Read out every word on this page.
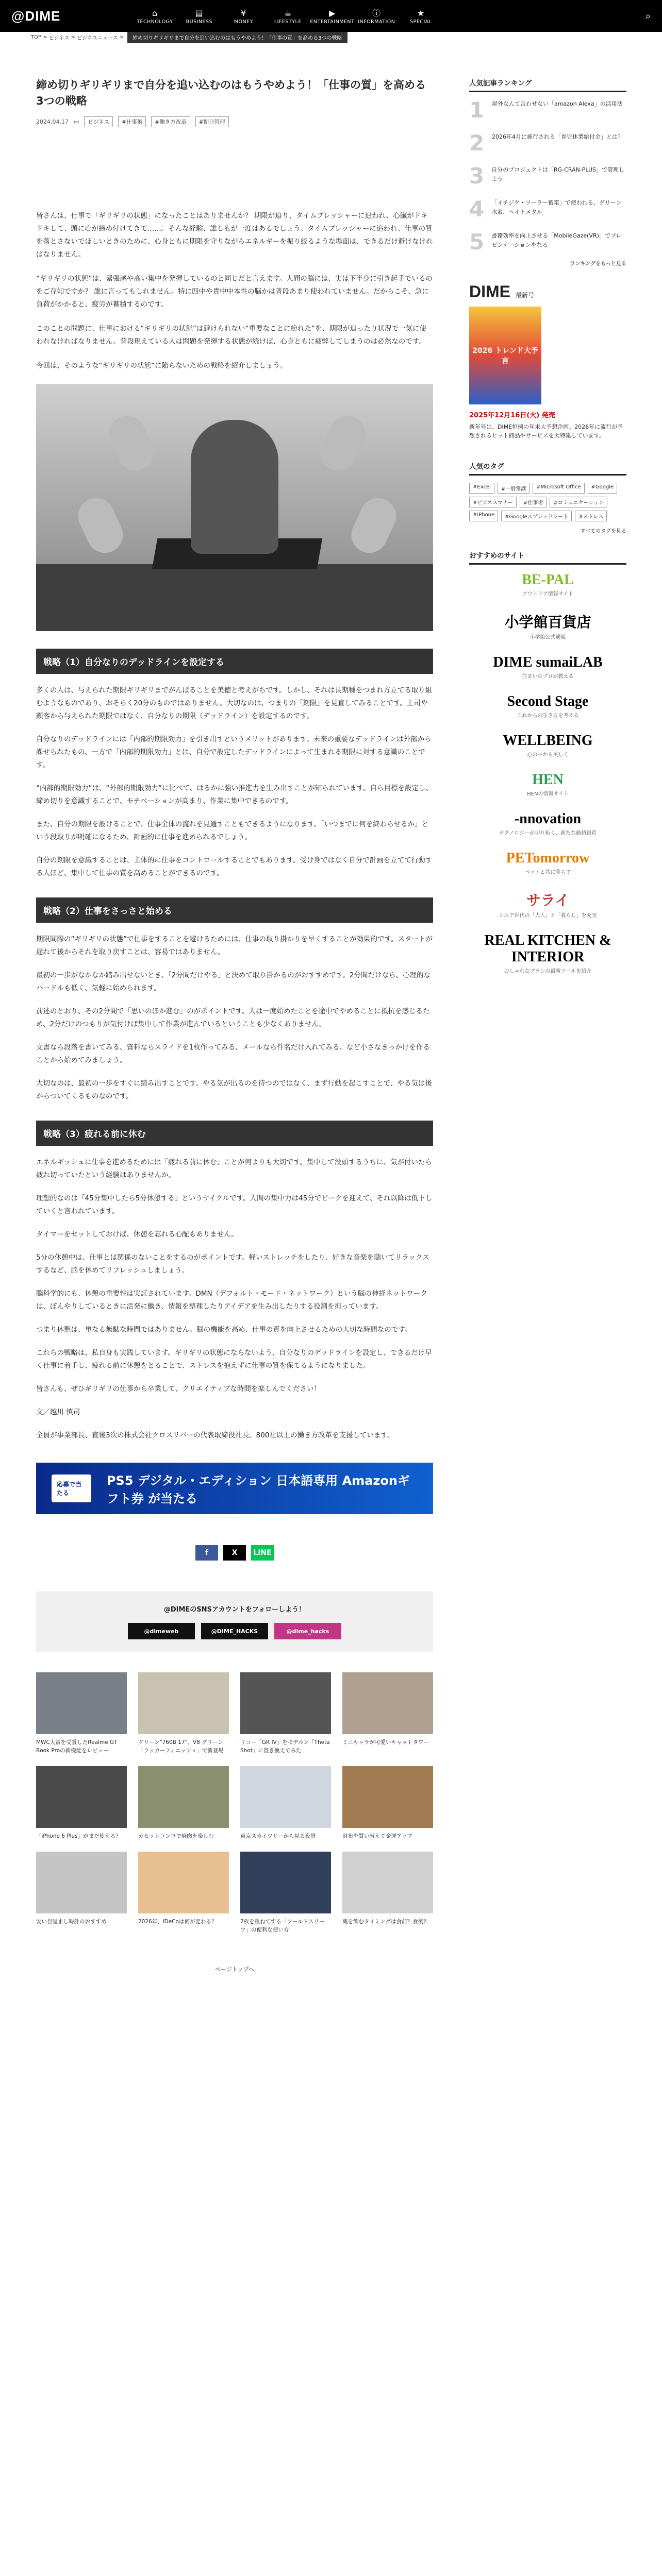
@DIME	⌂
TECHNOLOGY
▤
BUSINESS
¥
MONEY
☕
LIFESTYLE
▶
ENTERTAINMENT
ⓘ
INFORMATION
★
SPECIAL
⌕
TOP > ビジネス > ビジネスニュース >	締め切りギリギリまで自分を追い込むのはもうやめよう！「仕事の質」を高める3つの戦略
締め切りギリギリまで自分を追い込むのはもうやめよう！「仕事の質」を高める3つの戦略
2024.04.17 ▭	ビジネス	#仕事術	#働き方改革	#期日管理

皆さんは、仕事で「ギリギリの状態」になったことはありませんか？ 期限が迫り、タイムプレッシャーに追われ、心臓がドキドキして、頭に心が締め付けてきて……。そんな経験、誰しもが一度はあるでしょう。タイムプレッシャーに追われ、仕事の質を落とさないでほしいときのために、心身ともに期限を守りながらエネルギーを振り絞るような場面は、できるだけ避けなければなりません。

“ギリギリの状態”は、緊張感や高い集中を発揮しているのと同じだと言えます。人間の脳には、実は下半身に引き起手でいるのをご存知ですか？ 誰に言ってもしれません。特に四中や貴中中本性の脳かは普段あまり使われていません。だからこそ、急に負荷がかかると、疲労が蓄積するのです。

このことの問題に、仕事における“ギリギリの状態”は避けられない“重要なことに紛れた”を、期限が迫ったり状況で一気に使われなければなりません。普段現えている人は問題を発揮する状態が続けば、心身ともに疲弊してしまうのは必然なのです。

今回は、そのような“ギリギリの状態”に陥らないための戦略を紹介しましょう。

戦略（1）自分なりのデッドラインを設定する

多くの人は、与えられた期限ギリギリまでがんばることを美徳と考えがちです。しかし、それは長期種をつまれ方立てる取り組むようなものであり、おそらく20分のものではありません。大切なのは、つまりの「期限」を見直してみることです。上司や顧客から与えられた期限ではなく、自分なりの期限（デッドライン）を設定するのです。

自分なりのデッドラインには「内部的期限効力」を引き出すというメリットがあります。未来の重要なデッドラインは外部から課せられたもの、一方で「内部的期限効力」とは、自分で設定したデッドラインによって生まれる期限に対する意識のことです。

“内部的期限効力”は、“外部的期限効力”に比べて、はるかに強い推進力を生み出すことが知られています。自ら目標を設定し、締め切りを意識することで、モチベーションが高まり、作業に集中できるのです。

また、自分の期限を設けることで、仕事全体の流れを見通すこともできるようになります。「いつまでに何を終わらせるか」という段取りが明確になるため、計画的に仕事を進められるでしょう。

自分の期限を意識することは、主体的に仕事をコントロールすることでもあります。受け身ではなく自分で計画を立てて行動する人ほど、集中して仕事の質を高めることができるのです。

戦略（2）仕事をさっさと始める

期限間際の“ギリギリの状態”で仕事をすることを避けるためには、仕事の取り掛かりを早くすることが効果的です。スタートが遅れて後からそれを取り戻すことは、容易ではありません。

最初の一歩がなかなか踏み出せないとき、「2分間だけやる」と決めて取り掛かるのがおすすめです。2分間だけなら、心理的なハードルも低く、気軽に始められます。

前述のとおり、その2分間で「思いのほか進む」のがポイントです。人は一度始めたことを途中でやめることに抵抗を感じるため、2分だけのつもりが気付けば集中して作業が進んでいるということも少なくありません。

文書なら段落を書いてみる、資料ならスライドを1枚作ってみる、メールなら件名だけ入れてみる、など小さなきっかけを作ることから始めてみましょう。

大切なのは、最初の一歩をすぐに踏み出すことです。やる気が出るのを待つのではなく、まず行動を起こすことで、やる気は後からついてくるものなのです。

戦略（3）疲れる前に休む

エネルギッシュに仕事を進めるためには「疲れる前に休む」ことが何よりも大切です。集中して没頭するうちに、気が付いたら疲れ切っていたという経験はありませんか。

理想的なのは「45分集中したら5分休憩する」というサイクルです。人間の集中力は45分でピークを迎えて、それ以降は低下していくと言われています。

タイマーをセットしておけば、休憩を忘れる心配もありません。

5分の休憩中は、仕事とは関係のないことをするのがポイントです。軽いストレッチをしたり、好きな音楽を聴いてリラックスするなど、脳を休めてリフレッシュしましょう。

脳科学的にも、休憩の重要性は実証されています。DMN（デフォルト・モード・ネットワーク）という脳の神経ネットワークは、ぼんやりしているときに活発に働き、情報を整理したりアイデアを生み出したりする役割を担っています。

つまり休憩は、単なる無駄な時間ではありません。脳の機能を高め、仕事の質を向上させるための大切な時間なのです。

これらの戦略は、私自身も実践しています。ギリギリの状態にならないよう、自分なりのデッドラインを設定し、できるだけ早く仕事に着手し、疲れる前に休憩をとることで、ストレスを抱えずに仕事の質を保てるようになりました。

皆さんも、ぜひギリギリの仕事から卒業して、クリエイティブな時間を楽しんでください！

文／越川 慎司

全員が事業部長、直後3次の株式会社クロスリバーの代表取締役社長。800社以上の働き方改革を支援しています。

応募で当たる
PS5 デジタル・エディション 日本語専用 Amazonギフト券 が当たる
f	X	LINE
@DIMEのSNSアカウントをフォローしよう！
@dimeweb	@DIME_HACKS	@dime_hacks
MWC大賞を受賞したRealme GT Book Proの新機能をレビュー
グリーン"760B 17"、V8 グリーン「ラッカーフィニッシュ」で新登場
リコー「GR IV」をモデルン「Theta Shot」に置き換えてみた
ミニキャラが可愛いキャットタワー
「iPhone 6 Plus」がまだ使える？	カセットコンロで焼肉を楽しむ	東京スカイツリーから見る夜景	財布を買い替えて金運アップ
安い目覚まし時計のおすすめ	2026年、iDeCoは何が変わる？	2枚を重ねてする「フールドスリーフ」の便利な使い方
薬を飲むタイミングは食前？食後？
ページトップへ
人気記事ランキング
1 屋外なんて言わせない「amazon Alexa」の活用法
2 2026年4月に施行される「育児休業給付金」とは？
3 自分のプロジェクトは「RG-CRAN-PLUS」で管理しよう
4 「イチジク・ソーラー蓄電」で使われる、グリーン水素、ヘイトメタル
5 書籍効率を向上させる「MobileGaze(VR)」でプレゼンテーションをなる
ランキングをもっと見る
DIME 最新号
2026 トレンド大予言
2025年12月16日(火) 発売
新年号は、DIME恒例の年末大予想企画。2026年に流行が予想されるヒット商品やサービスを大特集しています。
人気のタグ
#Excel	#一般常識	#Microsoft Office	#Google
#ビジネスマナー	#仕事術	#コミュニケーション
#iPhone	#Googleスプレッドシート	#ストレス
すべてのタグを見る
おすすめのサイト
BE-PAL
アウトドア情報サイト
小学館百貨店
小学館公式通販
DIME sumaiLAB
住まいのプロが教える
Second Stage
これからの生き方を考える
WELLBEING
心の中から美しく
HEN
HENの情報サイト
-nnovation
テクノロジーが切り拓く、新たな価値創造
PETomorrow
ペットと共に暮らす
サライ
シニア世代の「大人」と「暮らし」を充実
REAL KITCHEN & INTERIOR
おしゃれなプランの最新ツールを紹介
